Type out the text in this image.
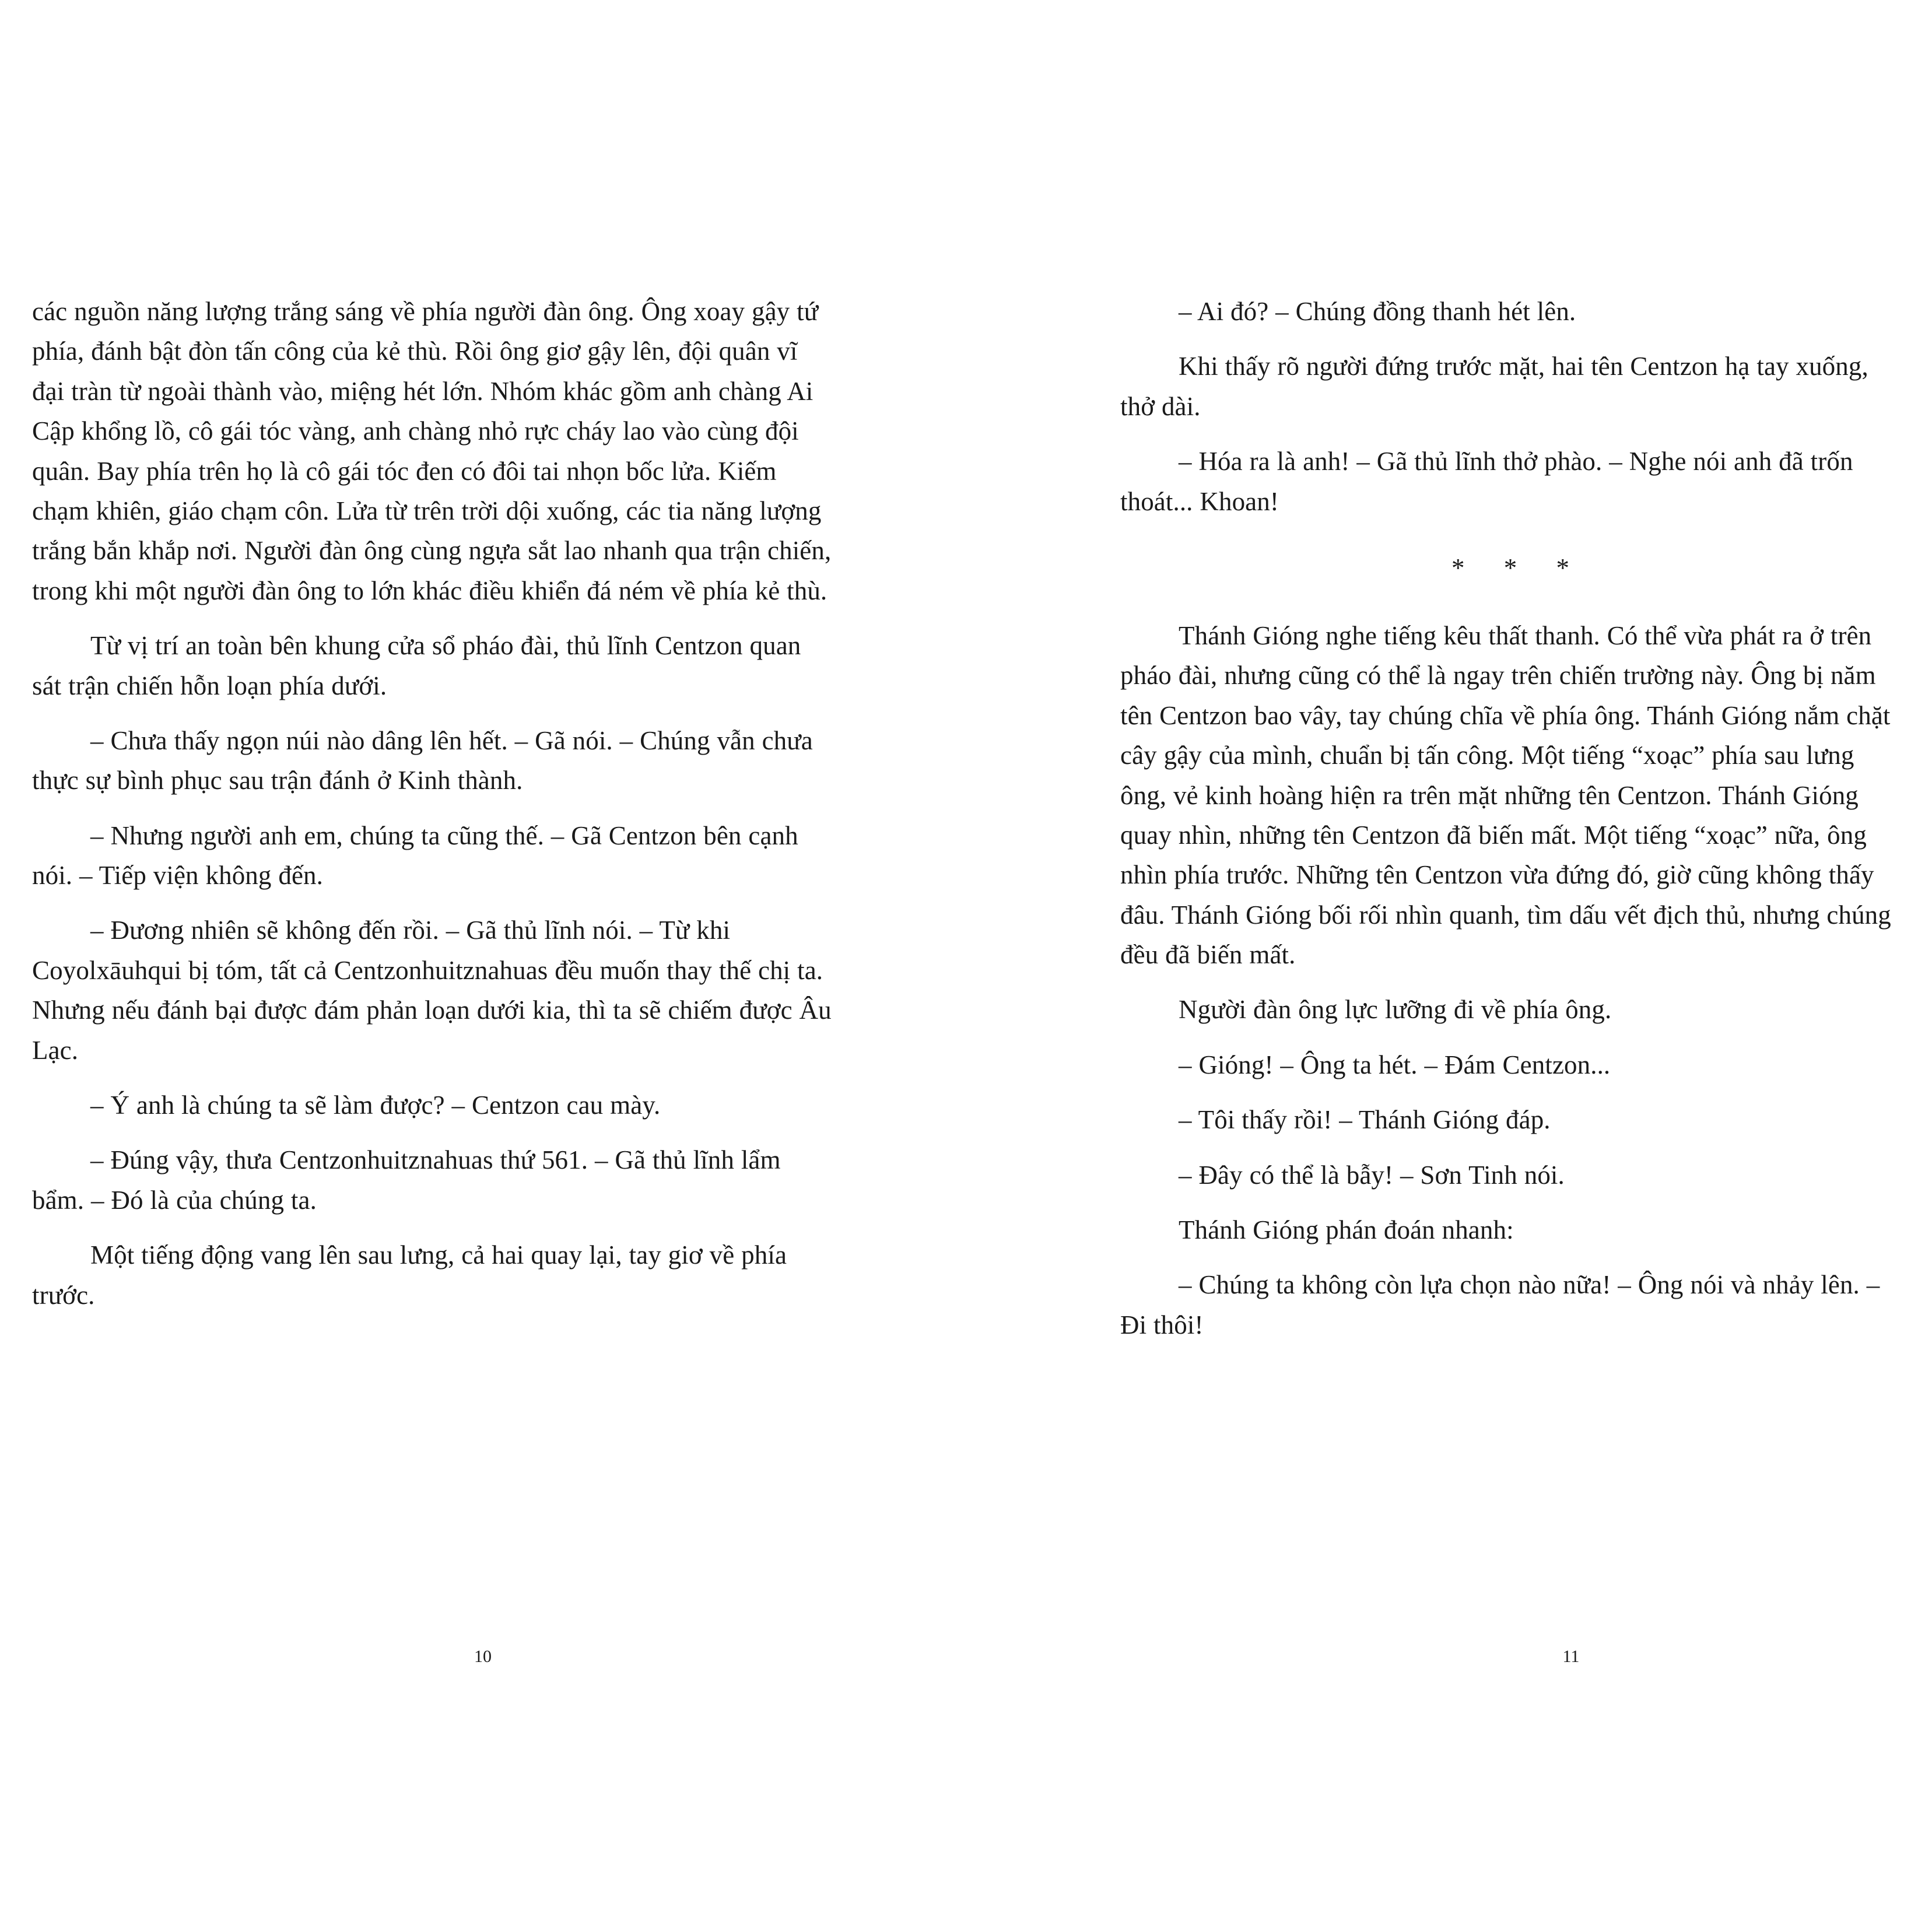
các nguồn năng lượng trắng sáng về phía người đàn ông. Ông xoay gậy tứ phía, đánh bật đòn tấn công của kẻ thù. Rồi ông giơ gậy lên, đội quân vĩ đại tràn từ ngoài thành vào, miệng hét lớn. Nhóm khác gồm anh chàng Ai Cập khổng lồ, cô gái tóc vàng, anh chàng nhỏ rực cháy lao vào cùng đội quân. Bay phía trên họ là cô gái tóc đen có đôi tai nhọn bốc lửa. Kiếm chạm khiên, giáo chạm côn. Lửa từ trên trời dội xuống, các tia năng lượng trắng bắn khắp nơi. Người đàn ông cùng ngựa sắt lao nhanh qua trận chiến, trong khi một người đàn ông to lớn khác điều khiển đá ném về phía kẻ thù.

Từ vị trí an toàn bên khung cửa sổ pháo đài, thủ lĩnh Centzon quan sát trận chiến hỗn loạn phía dưới.

– Chưa thấy ngọn núi nào dâng lên hết. – Gã nói. – Chúng vẫn chưa thực sự bình phục sau trận đánh ở Kinh thành.

– Nhưng người anh em, chúng ta cũng thế. – Gã Centzon bên cạnh nói. – Tiếp viện không đến.

– Đương nhiên sẽ không đến rồi. – Gã thủ lĩnh nói. – Từ khi Coyolxāuhqui bị tóm, tất cả Centzonhuitznahuas đều muốn thay thế chị ta. Nhưng nếu đánh bại được đám phản loạn dưới kia, thì ta sẽ chiếm được Âu Lạc.

– Ý anh là chúng ta sẽ làm được? – Centzon cau mày.

– Đúng vậy, thưa Centzonhuitznahuas thứ 561. – Gã thủ lĩnh lẩm bẩm. – Đó là của chúng ta.

Một tiếng động vang lên sau lưng, cả hai quay lại, tay giơ về phía trước.

10

– Ai đó? – Chúng đồng thanh hét lên.

Khi thấy rõ người đứng trước mặt, hai tên Centzon hạ tay xuống, thở dài.

– Hóa ra là anh! – Gã thủ lĩnh thở phào. – Nghe nói anh đã trốn thoát... Khoan!

* * *

Thánh Gióng nghe tiếng kêu thất thanh. Có thể vừa phát ra ở trên pháo đài, nhưng cũng có thể là ngay trên chiến trường này. Ông bị năm tên Centzon bao vây, tay chúng chĩa về phía ông. Thánh Gióng nắm chặt cây gậy của mình, chuẩn bị tấn công. Một tiếng “xoạc” phía sau lưng ông, vẻ kinh hoàng hiện ra trên mặt những tên Centzon. Thánh Gióng quay nhìn, những tên Centzon đã biến mất. Một tiếng “xoạc” nữa, ông nhìn phía trước. Những tên Centzon vừa đứng đó, giờ cũng không thấy đâu. Thánh Gióng bối rối nhìn quanh, tìm dấu vết địch thủ, nhưng chúng đều đã biến mất.

Người đàn ông lực lưỡng đi về phía ông.

– Gióng! – Ông ta hét. – Đám Centzon...

– Tôi thấy rồi! – Thánh Gióng đáp.

– Đây có thể là bẫy! – Sơn Tinh nói.

Thánh Gióng phán đoán nhanh:

– Chúng ta không còn lựa chọn nào nữa! – Ông nói và nhảy lên. – Đi thôi!

11
